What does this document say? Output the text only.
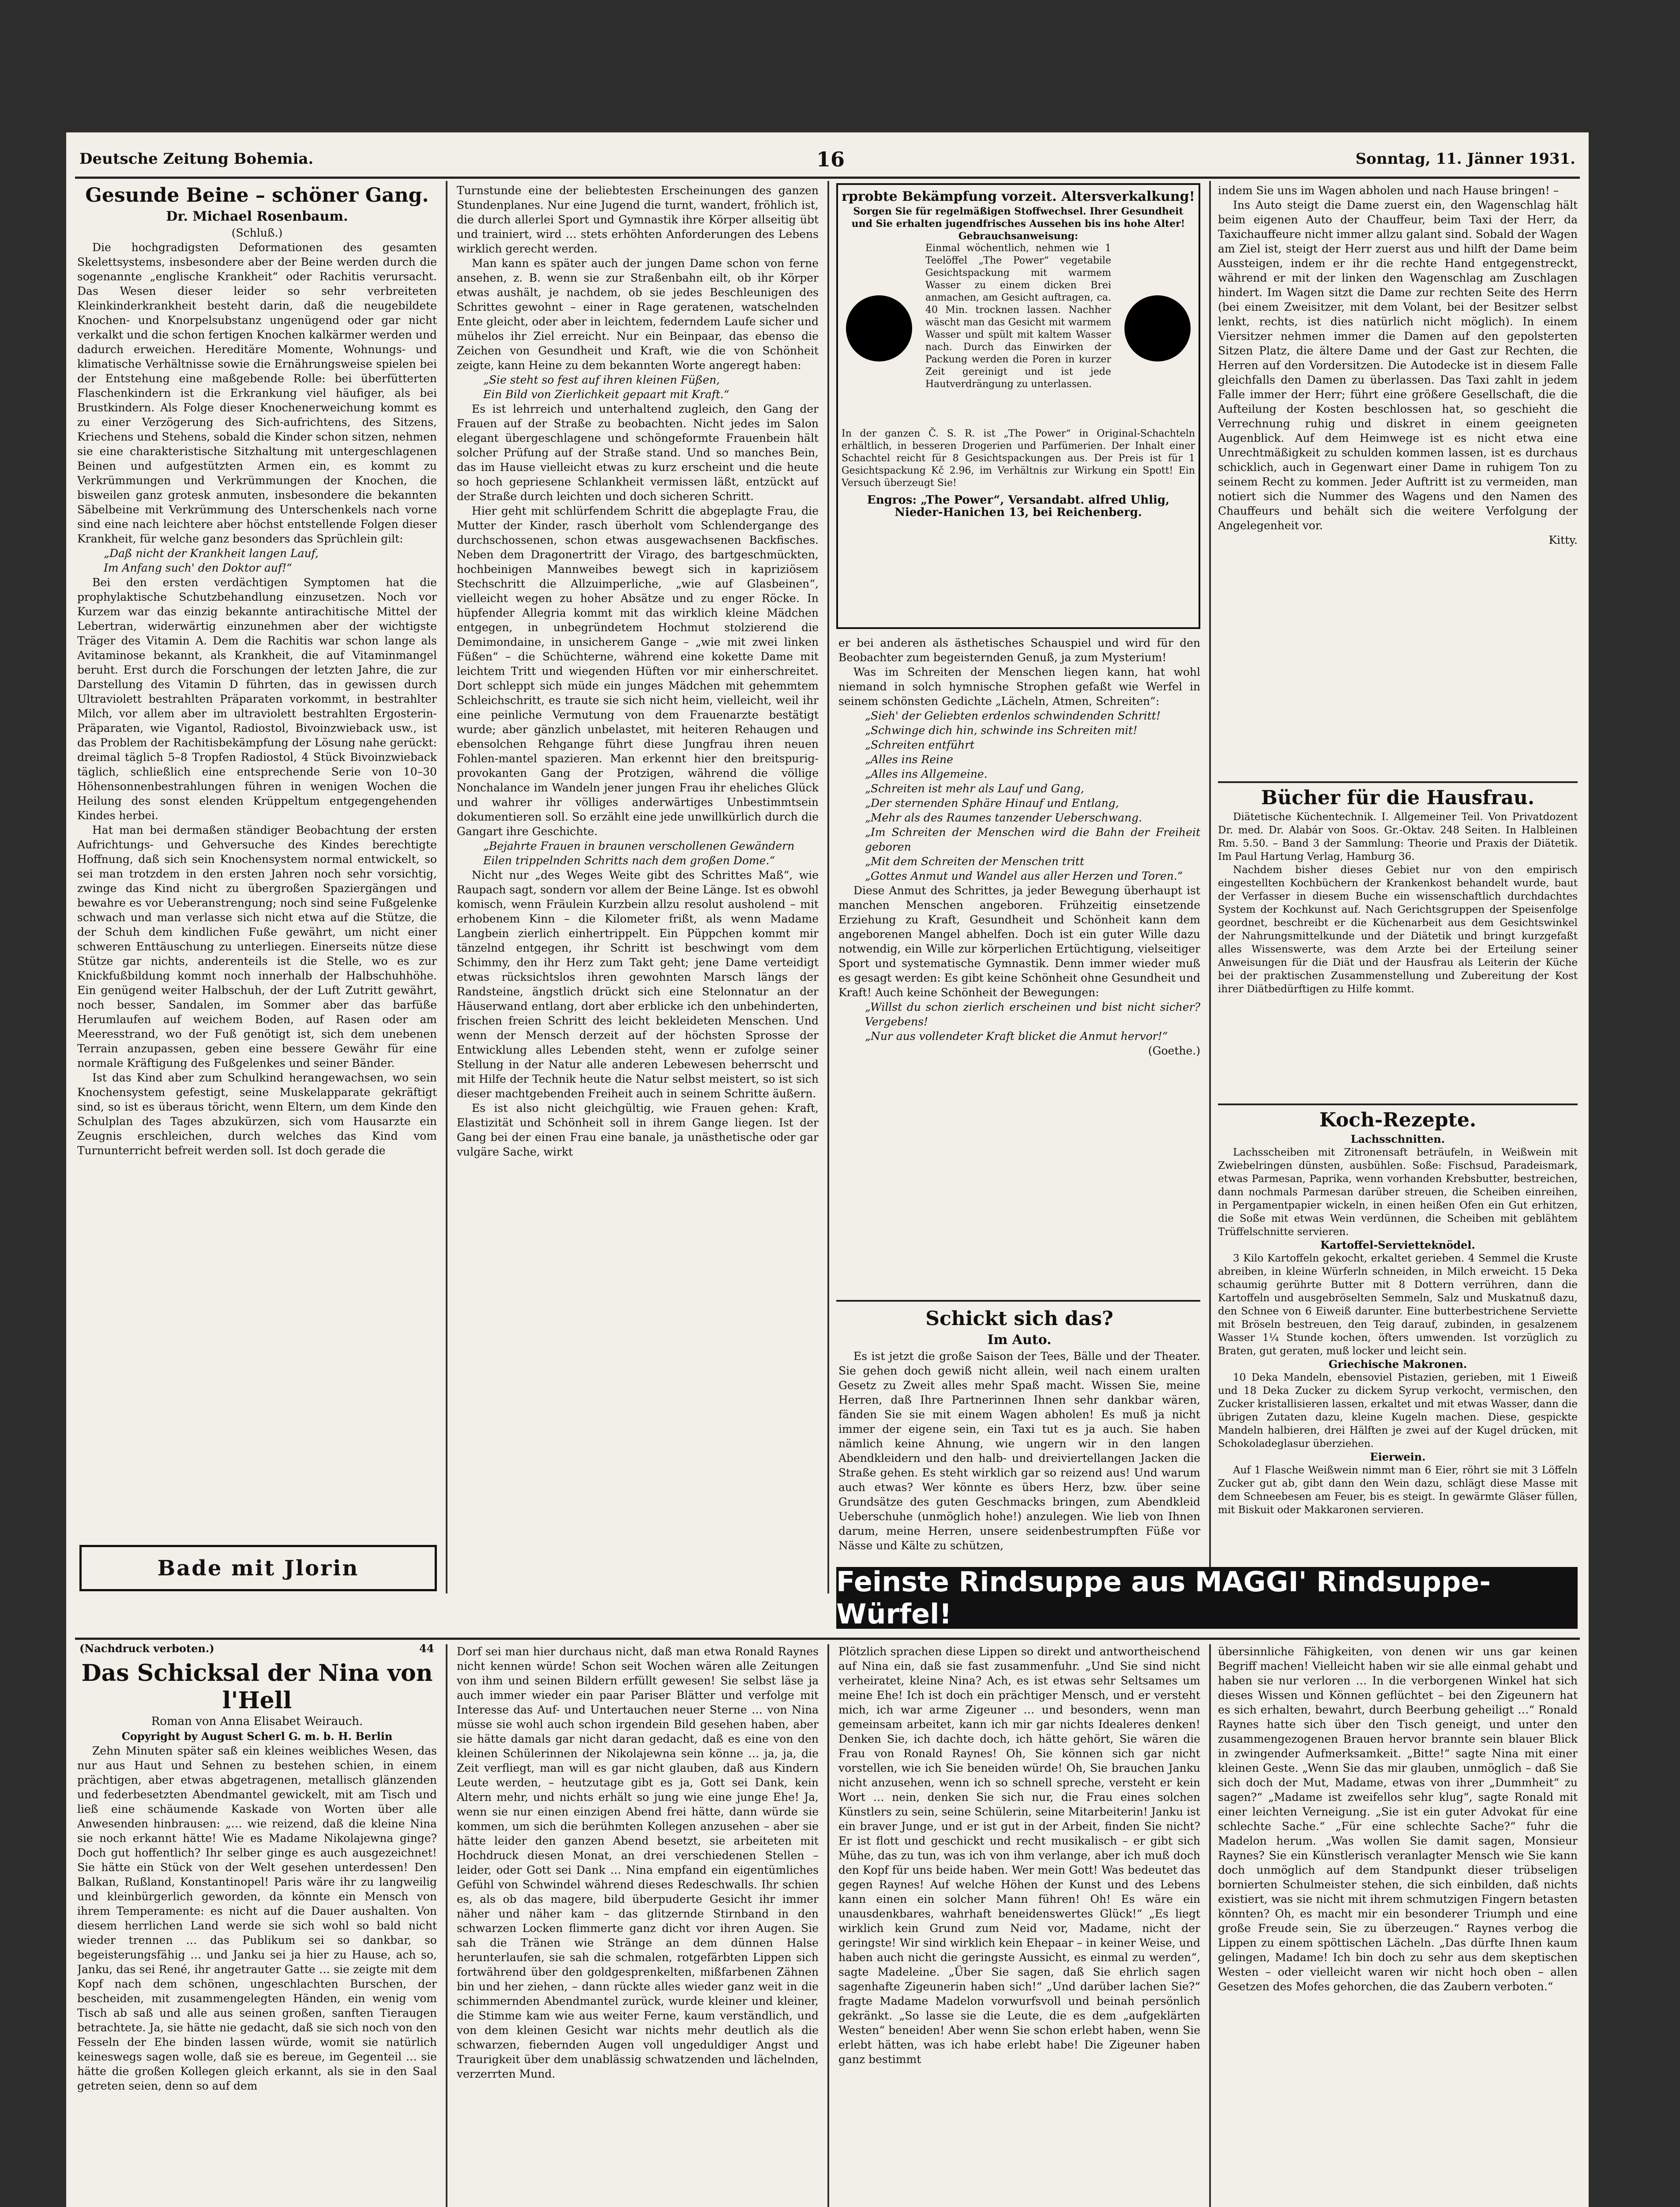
Deutsche Zeitung Bohemia.	16	Sonntag, 11. Jänner 1931.
Gesunde Beine – schöner Gang.
Dr. Michael Rosenbaum.

(Schluß.)

Die hochgradigsten Deformationen des gesamten Skelettsystems, insbesondere aber der Beine werden durch die sogenannte „englische Krankheit“ oder Rachitis verursacht. Das Wesen dieser leider so sehr verbreiteten Kleinkinderkrankheit besteht darin, daß die neugebildete Knochen- und Knorpelsubstanz ungenügend oder gar nicht verkalkt und die schon fertigen Knochen kalkärmer werden und dadurch erweichen. Hereditäre Momente, Wohnungs- und klimatische Verhältnisse sowie die Ernährungsweise spielen bei der Entstehung eine maßgebende Rolle: bei überfütterten Flaschenkindern ist die Erkrankung viel häufiger, als bei Brustkindern. Als Folge dieser Knochenerweichung kommt es zu einer Verzögerung des Sich-aufrichtens, des Sitzens, Kriechens und Stehens, sobald die Kinder schon sitzen, nehmen sie eine charakteristische Sitzhaltung mit untergeschlagenen Beinen und aufgestützten Armen ein, es kommt zu Verkrümmungen und Verkrümmungen der Knochen, die bisweilen ganz grotesk anmuten, insbesondere die bekannten Säbelbeine mit Verkrümmung des Unterschenkels nach vorne sind eine nach leichtere aber höchst entstellende Folgen dieser Krankheit, für welche ganz besonders das Sprüchlein gilt:

„Daß nicht der Krankheit langen Lauf,

Im Anfang such' den Doktor auf!“

Bei den ersten verdächtigen Symptomen hat die prophylaktische Schutzbehandlung einzusetzen. Noch vor Kurzem war das einzig bekannte antirachitische Mittel der Lebertran, widerwärtig einzunehmen aber der wichtigste Träger des Vitamin A. Dem die Rachitis war schon lange als Avitaminose bekannt, als Krankheit, die auf Vitaminmangel beruht. Erst durch die Forschungen der letzten Jahre, die zur Darstellung des Vitamin D führten, das in gewissen durch Ultraviolett bestrahlten Präparaten vorkommt, in bestrahlter Milch, vor allem aber im ultraviolett bestrahlten Ergosterin-Präparaten, wie Vigantol, Radiostol, Bivoinzwieback usw., ist das Problem der Rachitisbekämpfung der Lösung nahe gerückt: dreimal täglich 5–8 Tropfen Radiostol, 4 Stück Bivoinzwieback täglich, schließlich eine entsprechende Serie von 10–30 Höhensonnenbestrahlungen führen in wenigen Wochen die Heilung des sonst elenden Krüppeltum entgegengehenden Kindes herbei.

Hat man bei dermaßen ständiger Beobachtung der ersten Aufrichtungs- und Gehversuche des Kindes berechtigte Hoffnung, daß sich sein Knochensystem normal entwickelt, so sei man trotzdem in den ersten Jahren noch sehr vorsichtig, zwinge das Kind nicht zu übergroßen Spaziergängen und bewahre es vor Ueberanstrengung; noch sind seine Fußgelenke schwach und man verlasse sich nicht etwa auf die Stütze, die der Schuh dem kindlichen Fuße gewährt, um nicht einer schweren Enttäuschung zu unterliegen. Einerseits nütze diese Stütze gar nichts, anderenteils ist die Stelle, wo es zur Knickfußbildung kommt noch innerhalb der Halbschuhhöhe. Ein genügend weiter Halbschuh, der der Luft Zutritt gewährt, noch besser, Sandalen, im Sommer aber das barfüße Herumlaufen auf weichem Boden, auf Rasen oder am Meeresstrand, wo der Fuß genötigt ist, sich dem unebenen Terrain anzupassen, geben eine bessere Gewähr für eine normale Kräftigung des Fußgelenkes und seiner Bänder.

Ist das Kind aber zum Schulkind herangewachsen, wo sein Knochensystem gefestigt, seine Muskelapparate gekräftigt sind, so ist es überaus töricht, wenn Eltern, um dem Kinde den Schulplan des Tages abzukürzen, sich vom Hausarzte ein Zeugnis erschleichen, durch welches das Kind vom Turnunterricht befreit werden soll. Ist doch gerade die

Bade mit Jlorin

Turnstunde eine der beliebtesten Erscheinungen des ganzen Stundenplanes. Nur eine Jugend die turnt, wandert, fröhlich ist, die durch allerlei Sport und Gymnastik ihre Körper allseitig übt und trainiert, wird … stets erhöhten Anforderungen des Lebens wirklich gerecht werden.

Man kann es später auch der jungen Dame schon von ferne ansehen, z. B. wenn sie zur Straßenbahn eilt, ob ihr Körper etwas aushält, je nachdem, ob sie jedes Beschleunigen des Schrittes gewohnt – einer in Rage geratenen, watschelnden Ente gleicht, oder aber in leichtem, federndem Laufe sicher und mühelos ihr Ziel erreicht. Nur ein Beinpaar, das ebenso die Zeichen von Gesundheit und Kraft, wie die von Schönheit zeigte, kann Heine zu dem bekannten Worte angeregt haben:

„Sie steht so fest auf ihren kleinen Füßen,

Ein Bild von Zierlichkeit gepaart mit Kraft.“

Es ist lehrreich und unterhaltend zugleich, den Gang der Frauen auf der Straße zu beobachten. Nicht jedes im Salon elegant übergeschlagene und schöngeformte Frauenbein hält solcher Prüfung auf der Straße stand. Und so manches Bein, das im Hause vielleicht etwas zu kurz erscheint und die heute so hoch gepriesene Schlankheit vermissen läßt, entzückt auf der Straße durch leichten und doch sicheren Schritt.

Hier geht mit schlürfendem Schritt die abgeplagte Frau, die Mutter der Kinder, rasch überholt vom Schlendergange des durchschossenen, schon etwas ausgewachsenen Backfisches. Neben dem Dragonertritt der Virago, des bartgeschmückten, hochbeinigen Mannweibes bewegt sich in kapriziösem Stechschritt die Allzuimperliche, „wie auf Glasbeinen“, vielleicht wegen zu hoher Absätze und zu enger Röcke. In hüpfender Allegria kommt mit das wirklich kleine Mädchen entgegen, in unbegründetem Hochmut stolzierend die Demimondaine, in unsicherem Gange – „wie mit zwei linken Füßen“ – die Schüchterne, während eine kokette Dame mit leichtem Tritt und wiegenden Hüften vor mir einherschreitet. Dort schleppt sich müde ein junges Mädchen mit gehemmtem Schleichschritt, es traute sie sich nicht heim, vielleicht, weil ihr eine peinliche Vermutung von dem Frauenarzte bestätigt wurde; aber gänzlich unbelastet, mit heiteren Rehaugen und ebensolchen Rehgange führt diese Jungfrau ihren neuen Fohlen-mantel spazieren. Man erkennt hier den breitspurig-provokanten Gang der Protzigen, während die völlige Nonchalance im Wandeln jener jungen Frau ihr eheliches Glück und wahrer ihr völliges anderwärtiges Unbestimmtsein dokumentieren soll. So erzählt eine jede unwillkürlich durch die Gangart ihre Geschichte.

„Bejahrte Frauen in braunen verschollenen Gewändern

Eilen trippelnden Schritts nach dem großen Dome.“

Nicht nur „des Weges Weite gibt des Schrittes Maß“, wie Raupach sagt, sondern vor allem der Beine Länge. Ist es obwohl komisch, wenn Fräulein Kurzbein allzu resolut ausholend – mit erhobenem Kinn – die Kilometer frißt, als wenn Madame Langbein zierlich einhertrippelt. Ein Püppchen kommt mir tänzelnd entgegen, ihr Schritt ist beschwingt vom dem Schimmy, den ihr Herz zum Takt geht; jene Dame verteidigt etwas rücksichtslos ihren gewohnten Marsch längs der Randsteine, ängstlich drückt sich eine Stelonnatur an der Häuserwand entlang, dort aber erblicke ich den unbehinderten, frischen freien Schritt des leicht bekleideten Menschen. Und wenn der Mensch derzeit auf der höchsten Sprosse der Entwicklung alles Lebenden steht, wenn er zufolge seiner Stellung in der Natur alle anderen Lebewesen beherrscht und mit Hilfe der Technik heute die Natur selbst meistert, so ist sich dieser machtgebenden Freiheit auch in seinem Schritte äußern.

Es ist also nicht gleichgültig, wie Frauen gehen: Kraft, Elastizität und Schönheit soll in ihrem Gange liegen. Ist der Gang bei der einen Frau eine banale, ja unästhetische oder gar vulgäre Sache, wirkt

rprobte Bekämpfung vorzeit. Altersverkalkung!
Sorgen Sie für regelmäßigen Stoffwechsel. Ihrer Gesundheit und Sie erhalten jugendfrisches Aussehen bis ins hohe Alter! Gebrauchsanweisung:
Einmal wöchentlich, nehmen wie 1 Teelöffel „The Power“ vegetabile Gesichtspackung mit warmem Wasser zu einem dicken Brei anmachen, am Gesicht auftragen, ca. 40 Min. trocknen lassen. Nachher wäscht man das Gesicht mit warmem Wasser und spült mit kaltem Wasser nach. Durch das Einwirken der Packung werden die Poren in kurzer Zeit gereinigt und ist jede Hautverdrängung zu unterlassen.
In der ganzen Č. S. R. ist „The Power“ in Original-Schachteln erhältlich, in besseren Drogerien und Parfümerien. Der Inhalt einer Schachtel reicht für 8 Gesichtspackungen aus. Der Preis ist für 1 Gesichtspackung Kč 2.96, im Verhältnis zur Wirkung ein Spott! Ein Versuch überzeugt Sie!
Engros: „The Power“, Versandabt. alfred Uhlig, Nieder-Hanichen 13, bei Reichenberg.

er bei anderen als ästhetisches Schauspiel und wird für den Beobachter zum begeisternden Genuß, ja zum Mysterium!

Was im Schreiten der Menschen liegen kann, hat wohl niemand in solch hymnische Strophen gefaßt wie Werfel in seinem schönsten Gedichte „Lächeln, Atmen, Schreiten“:

„Sieh' der Geliebten erdenlos schwindenden Schritt!

„Schwinge dich hin, schwinde ins Schreiten mit!

„Schreiten entführt

„Alles ins Reine

„Alles ins Allgemeine.

„Schreiten ist mehr als Lauf und Gang,

„Der sternenden Sphäre Hinauf und Entlang,

„Mehr als des Raumes tanzender Ueberschwang.

„Im Schreiten der Menschen wird die Bahn der Freiheit geboren

„Mit dem Schreiten der Menschen tritt

„Gottes Anmut und Wandel aus aller Herzen und Toren.“

Diese Anmut des Schrittes, ja jeder Bewegung überhaupt ist manchen Menschen angeboren. Frühzeitig einsetzende Erziehung zu Kraft, Gesundheit und Schönheit kann dem angeborenen Mangel abhelfen. Doch ist ein guter Wille dazu notwendig, ein Wille zur körperlichen Ertüchtigung, vielseitiger Sport und systematische Gymnastik. Denn immer wieder muß es gesagt werden: Es gibt keine Schönheit ohne Gesundheit und Kraft! Auch keine Schönheit der Bewegungen:

„Willst du schon zierlich erscheinen und bist nicht sicher? Vergebens!

„Nur aus vollendeter Kraft blicket die Anmut hervor!“

(Goethe.)

Schickt sich das?
Im Auto.

Es ist jetzt die große Saison der Tees, Bälle und der Theater. Sie gehen doch gewiß nicht allein, weil nach einem uralten Gesetz zu Zweit alles mehr Spaß macht. Wissen Sie, meine Herren, daß Ihre Partnerinnen Ihnen sehr dankbar wären, fänden Sie sie mit einem Wagen abholen! Es muß ja nicht immer der eigene sein, ein Taxi tut es ja auch. Sie haben nämlich keine Ahnung, wie ungern wir in den langen Abendkleidern und den halb- und dreiviertellangen Jacken die Straße gehen. Es steht wirklich gar so reizend aus! Und warum auch etwas? Wer könnte es übers Herz, bzw. über seine Grundsätze des guten Geschmacks bringen, zum Abendkleid Ueberschuhe (unmöglich hohe!) anzulegen. Wie lieb von Ihnen darum, meine Herren, unsere seidenbestrumpften Füße vor Nässe und Kälte zu schützen,

indem Sie uns im Wagen abholen und nach Hause bringen! –

Ins Auto steigt die Dame zuerst ein, den Wagenschlag hält beim eigenen Auto der Chauffeur, beim Taxi der Herr, da Taxichauffeure nicht immer allzu galant sind. Sobald der Wagen am Ziel ist, steigt der Herr zuerst aus und hilft der Dame beim Aussteigen, indem er ihr die rechte Hand entgegenstreckt, während er mit der linken den Wagenschlag am Zuschlagen hindert. Im Wagen sitzt die Dame zur rechten Seite des Herrn (bei einem Zweisitzer, mit dem Volant, bei der Besitzer selbst lenkt, rechts, ist dies natürlich nicht möglich). In einem Viersitzer nehmen immer die Damen auf den gepolsterten Sitzen Platz, die ältere Dame und der Gast zur Rechten, die Herren auf den Vordersitzen. Die Autodecke ist in diesem Falle gleichfalls den Damen zu überlassen. Das Taxi zahlt in jedem Falle immer der Herr; führt eine größere Gesellschaft, die die Aufteilung der Kosten beschlossen hat, so geschieht die Verrechnung ruhig und diskret in einem geeigneten Augenblick. Auf dem Heimwege ist es nicht etwa eine Unrechtmäßigkeit zu schulden kommen lassen, ist es durchaus schicklich, auch in Gegenwart einer Dame in ruhigem Ton zu seinem Recht zu kommen. Jeder Auftritt ist zu vermeiden, man notiert sich die Nummer des Wagens und den Namen des Chauffeurs und behält sich die weitere Verfolgung der Angelegenheit vor.

Kitty.

Bücher für die Hausfrau.

Diätetische Küchentechnik. I. Allgemeiner Teil. Von Privatdozent Dr. med. Dr. Alabár von Soos. Gr.-Oktav. 248 Seiten. In Halbleinen Rm. 5.50. – Band 3 der Sammlung: Theorie und Praxis der Diätetik. Im Paul Hartung Verlag, Hamburg 36.

Nachdem bisher dieses Gebiet nur von den empirisch eingestellten Kochbüchern der Krankenkost behandelt wurde, baut der Verfasser in diesem Buche ein wissenschaftlich durchdachtes System der Kochkunst auf. Nach Gerichtsgruppen der Speisenfolge geordnet, beschreibt er die Küchenarbeit aus dem Gesichtswinkel der Nahrungsmittelkunde und der Diätetik und bringt kurzgefaßt alles Wissenswerte, was dem Arzte bei der Erteilung seiner Anweisungen für die Diät und der Hausfrau als Leiterin der Küche bei der praktischen Zusammenstellung und Zubereitung der Kost ihrer Diätbedürftigen zu Hilfe kommt.

Koch-Rezepte.
Lachsschnitten.

Lachsscheiben mit Zitronensaft beträufeln, in Weißwein mit Zwiebelringen dünsten, ausbühlen. Soße: Fischsud, Paradeismark, etwas Parmesan, Paprika, wenn vorhanden Krebsbutter, bestreichen, dann nochmals Parmesan darüber streuen, die Scheiben einreihen, in Pergamentpapier wickeln, in einen heißen Ofen ein Gut erhitzen, die Soße mit etwas Wein verdünnen, die Scheiben mit geblähtem Trüffelschnitte servieren.

Kartoffel-Servietteknödel.

3 Kilo Kartoffeln gekocht, erkaltet gerieben. 4 Semmel die Kruste abreiben, in kleine Würferln schneiden, in Milch erweicht. 15 Deka schaumig gerührte Butter mit 8 Dottern verrühren, dann die Kartoffeln und ausgebröselten Semmeln, Salz und Muskatnuß dazu, den Schnee von 6 Eiweiß darunter. Eine butterbestrichene Serviette mit Bröseln bestreuen, den Teig darauf, zubinden, in gesalzenem Wasser 1¼ Stunde kochen, öfters umwenden. Ist vorzüglich zu Braten, gut geraten, muß locker und leicht sein.

Griechische Makronen.

10 Deka Mandeln, ebensoviel Pistazien, gerieben, mit 1 Eiweiß und 18 Deka Zucker zu dickem Syrup verkocht, vermischen, den Zucker kristallisieren lassen, erkaltet und mit etwas Wasser, dann die übrigen Zutaten dazu, kleine Kugeln machen. Diese, gespickte Mandeln halbieren, drei Hälften je zwei auf der Kugel drücken, mit Schokoladeglasur überziehen.

Eierwein.

Auf 1 Flasche Weißwein nimmt man 6 Eier, röhrt sie mit 3 Löffeln Zucker gut ab, gibt dann den Wein dazu, schlägt diese Masse mit dem Schneebesen am Feuer, bis es steigt. In gewärmte Gläser füllen, mit Biskuit oder Makkaronen servieren.

Feinste Rindsuppe aus MAGGI' Rindsuppe-Würfel!
(Nachdruck verboten.)	44
Das Schicksal der Nina von l'Hell
Roman von Anna Elisabet Weirauch.
Copyright by August Scherl G. m. b. H. Berlin

Zehn Minuten später saß ein kleines weibliches Wesen, das nur aus Haut und Sehnen zu bestehen schien, in einem prächtigen, aber etwas abgetragenen, metallisch glänzenden und federbesetzten Abendmantel gewickelt, mit am Tisch und ließ eine schäumende Kaskade von Worten über alle Anwesenden hinbrausen: „… wie reizend, daß die kleine Nina sie noch erkannt hätte! Wie es Madame Nikolajewna ginge? Doch gut hoffentlich? Ihr selber ginge es auch ausgezeichnet! Sie hätte ein Stück von der Welt gesehen unterdessen! Den Balkan, Rußland, Konstantinopel! Paris wäre ihr zu langweilig und kleinbürgerlich geworden, da könnte ein Mensch von ihrem Temperamente: es nicht auf die Dauer aushalten. Von diesem herrlichen Land werde sie sich wohl so bald nicht wieder trennen … das Publikum sei so dankbar, so begeisterungsfähig … und Janku sei ja hier zu Hause, ach so, Janku, das sei René, ihr angetrauter Gatte … sie zeigte mit dem Kopf nach dem schönen, ungeschlachten Burschen, der bescheiden, mit zusammengelegten Händen, ein wenig vom Tisch ab saß und alle aus seinen großen, sanften Tieraugen betrachtete. Ja, sie hätte nie gedacht, daß sie sich noch von den Fesseln der Ehe binden lassen würde, womit sie natürlich keineswegs sagen wolle, daß sie es bereue, im Gegenteil … sie hätte die großen Kollegen gleich erkannt, als sie in den Saal getreten seien, denn so auf dem

Dorf sei man hier durchaus nicht, daß man etwa Ronald Raynes nicht kennen würde! Schon seit Wochen wären alle Zeitungen von ihm und seinen Bildern erfüllt gewesen! Sie selbst läse ja auch immer wieder ein paar Pariser Blätter und verfolge mit Interesse das Auf- und Untertauchen neuer Sterne … von Nina müsse sie wohl auch schon irgendein Bild gesehen haben, aber sie hätte damals gar nicht daran gedacht, daß es eine von den kleinen Schülerinnen der Nikolajewna sein könne … ja, ja, die Zeit verfliegt, man will es gar nicht glauben, daß aus Kindern Leute werden, – heutzutage gibt es ja, Gott sei Dank, kein Altern mehr, und nichts erhält so jung wie eine junge Ehe! Ja, wenn sie nur einen einzigen Abend frei hätte, dann würde sie kommen, um sich die berühmten Kollegen anzusehen – aber sie hätte leider den ganzen Abend besetzt, sie arbeiteten mit Hochdruck diesen Monat, an drei verschiedenen Stellen – leider, oder Gott sei Dank … Nina empfand ein eigentümliches Gefühl von Schwindel während dieses Redeschwalls. Ihr schien es, als ob das magere, bild überpuderte Gesicht ihr immer näher und näher kam – das glitzernde Stirnband in den schwarzen Locken flimmerte ganz dicht vor ihren Augen. Sie sah die Tränen wie Stränge an dem dünnen Halse herunterlaufen, sie sah die schmalen, rotgefärbten Lippen sich fortwährend über den goldgesprenkelten, mißfarbenen Zähnen bin und her ziehen, – dann rückte alles wieder ganz weit in die schimmernden Abendmantel zurück, wurde kleiner und kleiner, die Stimme kam wie aus weiter Ferne, kaum verständlich, und von dem kleinen Gesicht war nichts mehr deutlich als die schwarzen, fiebernden Augen voll ungeduldiger Angst und Traurigkeit über dem unablässig schwatzenden und lächelnden, verzerrten Mund.

Plötzlich sprachen diese Lippen so direkt und antwortheischend auf Nina ein, daß sie fast zusammenfuhr. „Und Sie sind nicht verheiratet, kleine Nina? Ach, es ist etwas sehr Seltsames um meine Ehe! Ich ist doch ein prächtiger Mensch, und er versteht mich, ich war arme Zigeuner … und besonders, wenn man gemeinsam arbeitet, kann ich mir gar nichts Idealeres denken! Denken Sie, ich dachte doch, ich hätte gehört, Sie wären die Frau von Ronald Raynes! Oh, Sie können sich gar nicht vorstellen, wie ich Sie beneiden würde! Oh, Sie brauchen Janku nicht anzusehen, wenn ich so schnell spreche, versteht er kein Wort … nein, denken Sie sich nur, die Frau eines solchen Künstlers zu sein, seine Schülerin, seine Mitarbeiterin! Janku ist ein braver Junge, und er ist gut in der Arbeit, finden Sie nicht? Er ist flott und geschickt und recht musikalisch – er gibt sich Mühe, das zu tun, was ich von ihm verlange, aber ich muß doch den Kopf für uns beide haben. Wer mein Gott! Was bedeutet das gegen Raynes! Auf welche Höhen der Kunst und des Lebens kann einen ein solcher Mann führen! Oh! Es wäre ein unausdenkbares, wahrhaft beneidenswertes Glück!“ „Es liegt wirklich kein Grund zum Neid vor, Madame, nicht der geringste! Wir sind wirklich kein Ehepaar – in keiner Weise, und haben auch nicht die geringste Aussicht, es einmal zu werden“, sagte Madeleine. „Über Sie sagen, daß Sie ehrlich sagen sagenhafte Zigeunerin haben sich!“ „Und darüber lachen Sie?“ fragte Madame Madelon vorwurfsvoll und beinah persönlich gekränkt. „So lasse sie die Leute, die es dem „aufgeklärten Westen“ beneiden! Aber wenn Sie schon erlebt haben, wenn Sie erlebt hätten, was ich habe erlebt habe! Die Zigeuner haben ganz bestimmt

übersinnliche Fähigkeiten, von denen wir uns gar keinen Begriff machen! Vielleicht haben wir sie alle einmal gehabt und haben sie nur verloren … In die verborgenen Winkel hat sich dieses Wissen und Können geflüchtet – bei den Zigeunern hat es sich erhalten, bewahrt, durch Beerbung geheiligt …“ Ronald Raynes hatte sich über den Tisch geneigt, und unter den zusammengezogenen Brauen hervor brannte sein blauer Blick in zwingender Aufmerksamkeit. „Bitte!“ sagte Nina mit einer kleinen Geste. „Wenn Sie das mir glauben, unmöglich – daß Sie sich doch der Mut, Madame, etwas von ihrer „Dummheit“ zu sagen?“ „Madame ist zweifellos sehr klug“, sagte Ronald mit einer leichten Verneigung. „Sie ist ein guter Advokat für eine schlechte Sache.“ „Für eine schlechte Sache?“ fuhr die Madelon herum. „Was wollen Sie damit sagen, Monsieur Raynes? Sie ein Künstlerisch veranlagter Mensch wie Sie kann doch unmöglich auf dem Standpunkt dieser trübseligen bornierten Schulmeister stehen, die sich einbilden, daß nichts existiert, was sie nicht mit ihrem schmutzigen Fingern betasten könnten? Oh, es macht mir ein besonderer Triumph und eine große Freude sein, Sie zu überzeugen.“ Raynes verbog die Lippen zu einem spöttischen Lächeln. „Das dürfte Ihnen kaum gelingen, Madame! Ich bin doch zu sehr aus dem skeptischen Westen – oder vielleicht waren wir nicht hoch oben – allen Gesetzen des Mofes gehorchen, die das Zaubern verboten.“
